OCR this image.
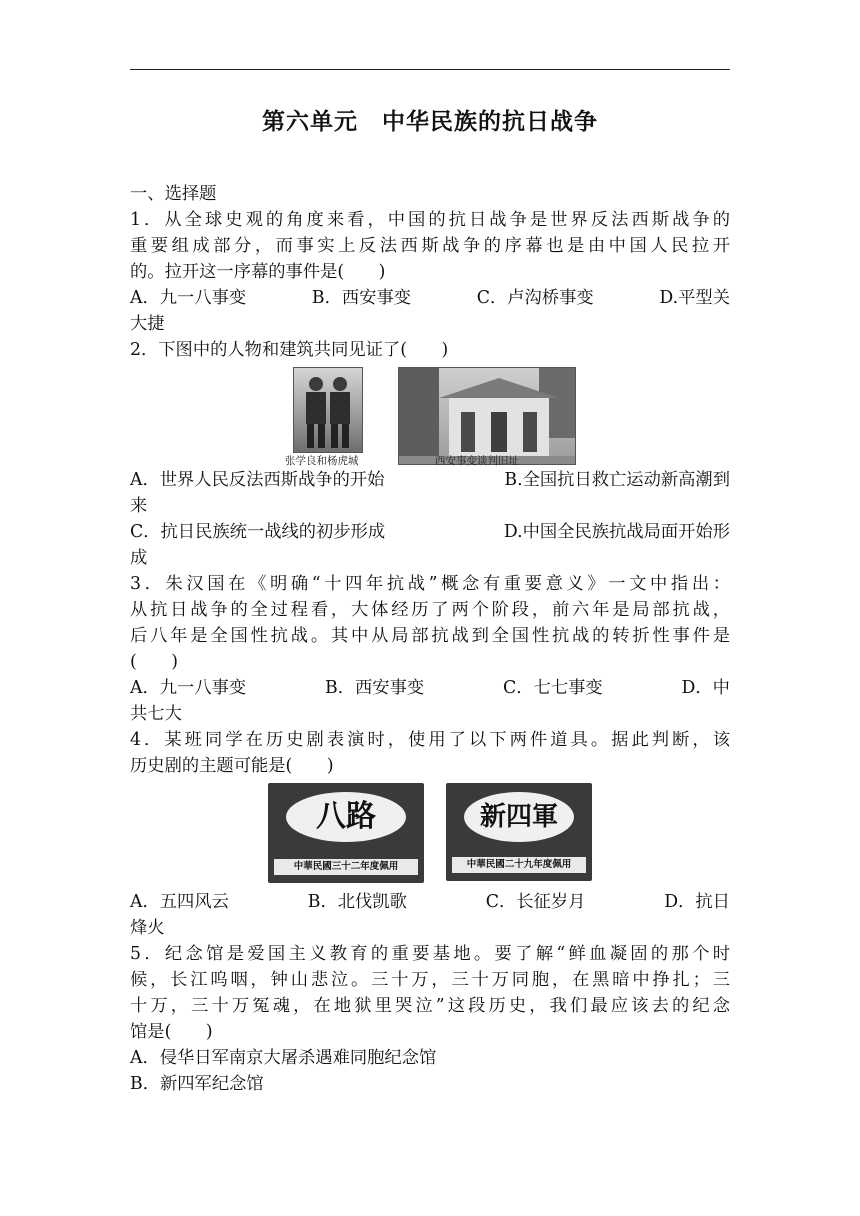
第六单元　中华民族的抗日战争
一、选择题
1．从全球史观的角度来看，中国的抗日战争是世界反法西斯战争的
重要组成部分，而事实上反法西斯战争的序幕也是由中国人民拉开
的。拉开这一序幕的事件是(　　)
A．九一八事变	B．西安事变	C．卢沟桥事变	D.平型关
大捷
2．下图中的人物和建筑共同见证了(　　)
张学良和杨虎城	西安事变谈判旧址
A．世界人民反法西斯战争的开始	B.全国抗日救亡运动新高潮到
来
C．抗日民族统一战线的初步形成	D.中国全民族抗战局面开始形
成
3．朱汉国在《明确“十四年抗战”概念有重要意义》一文中指出：
从抗日战争的全过程看，大体经历了两个阶段，前六年是局部抗战，
后八年是全国性抗战。其中从局部抗战到全国性抗战的转折性事件是
(　　)
A．九一八事变	B．西安事变	C．七七事变	D．中
共七大
4．某班同学在历史剧表演时，使用了以下两件道具。据此判断，该
历史剧的主题可能是(　　)
八路
中華民國三十二年度佩用
新四軍
中華民國二十九年度佩用
A．五四风云	B．北伐凯歌	C．长征岁月	D．抗日
烽火
5．纪念馆是爱国主义教育的重要基地。要了解“鲜血凝固的那个时
候，长江呜咽，钟山悲泣。三十万，三十万同胞，在黑暗中挣扎；三
十万，三十万冤魂，在地狱里哭泣”这段历史，我们最应该去的纪念
馆是(　　)
A．侵华日军南京大屠杀遇难同胞纪念馆
B．新四军纪念馆
